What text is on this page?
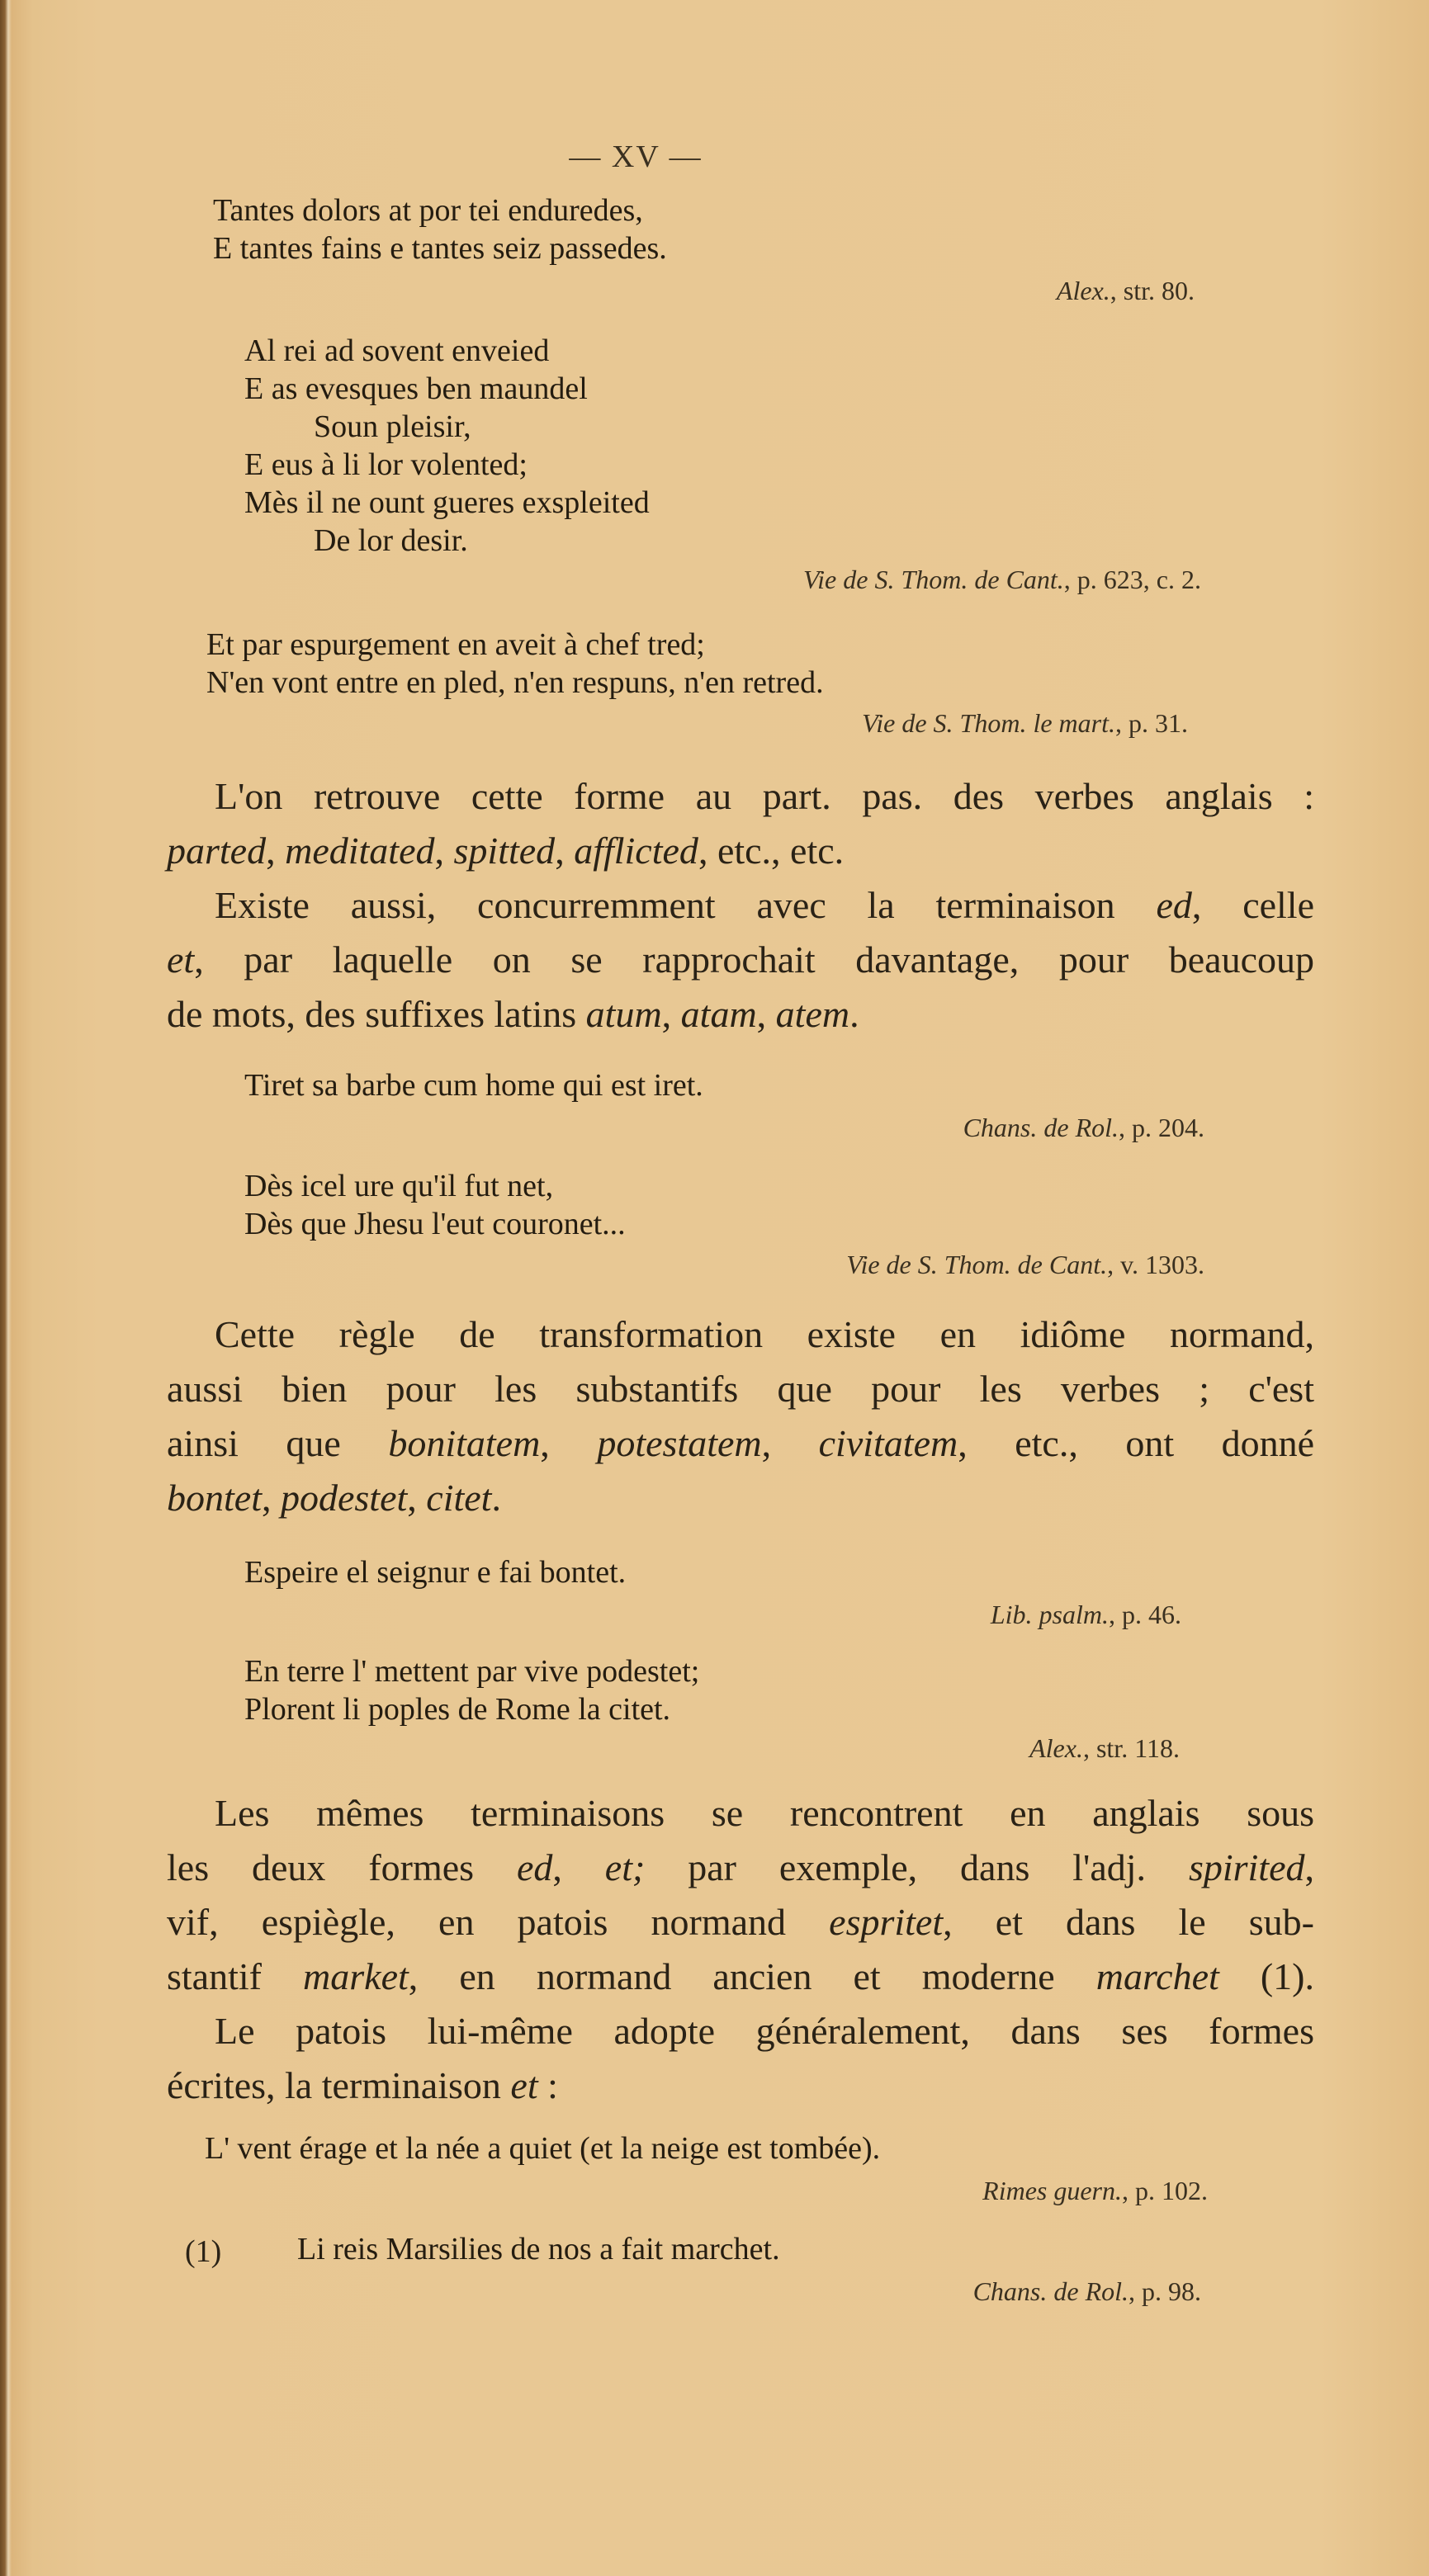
— XV —
Tantes dolors at por tei enduredes,
E tantes fains e tantes seiz passedes.
Alex., str. 80.
Al rei ad sovent enveied
E as evesques ben maundel
Soun pleisir,
E eus à li lor volented;
Mès il ne ount gueres exspleited
De lor desir.
Vie de S. Thom. de Cant., p. 623, c. 2.
Et par espurgement en aveit à chef tred;
N'en vont entre en pled, n'en respuns, n'en retred.
Vie de S. Thom. le mart., p. 31.
L'on retrouve cette forme au part. pas. des verbes anglais :
parted, meditated, spitted, afflicted, etc., etc.
Existe aussi, concurremment avec la terminaison ed, celle
et, par laquelle on se rapprochait davantage, pour beaucoup
de mots, des suffixes latins atum, atam, atem.
Tiret sa barbe cum home qui est iret.
Chans. de Rol., p. 204.
Dès icel ure qu'il fut net,
Dès que Jhesu l'eut couronet...
Vie de S. Thom. de Cant., v. 1303.
Cette règle de transformation existe en idiôme normand,
aussi bien pour les substantifs que pour les verbes ; c'est
ainsi que bonitatem, potestatem, civitatem, etc., ont donné
bontet, podestet, citet.
Espeire el seignur e fai bontet.
Lib. psalm., p. 46.
En terre l' mettent par vive podestet;
Plorent li poples de Rome la citet.
Alex., str. 118.
Les mêmes terminaisons se rencontrent en anglais sous
les deux formes ed, et; par exemple, dans l'adj. spirited,
vif, espiègle, en patois normand espritet, et dans le sub-
stantif market, en normand ancien et moderne marchet (1).
Le patois lui-même adopte généralement, dans ses formes
écrites, la terminaison et :
L' vent érage et la née a quiet (et la neige est tombée).
Rimes guern., p. 102.
(1) Li reis Marsilies de nos a fait marchet.
Chans. de Rol., p. 98.
